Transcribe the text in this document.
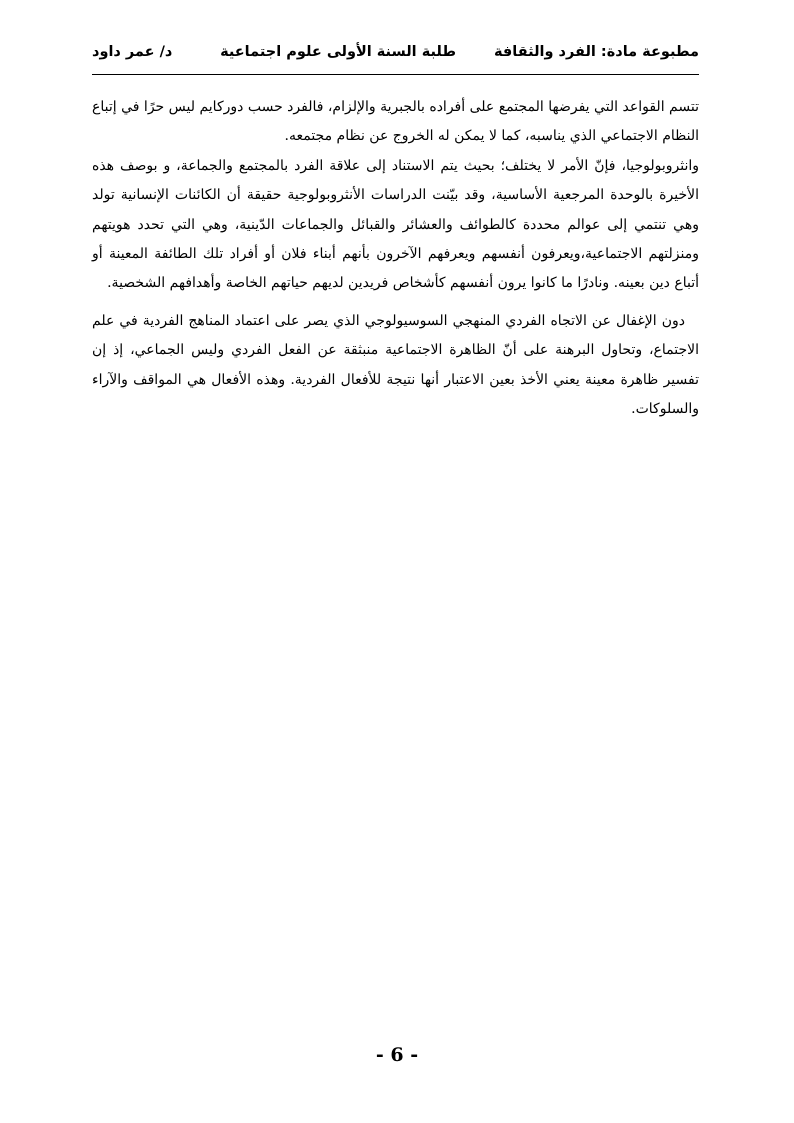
مطبوعة مادة: الفرد والثقافة
طلبة السنة الأولى علوم اجتماعية
د/ عمر داود

تتسم القواعد التي يفرضها المجتمع على أفراده بالجبرية والإلزام، فالفرد حسب دوركايم ليس حرًا في إتباع النظام الاجتماعي الذي يناسبه، كما لا يمكن له الخروج عن نظام مجتمعه.

وانثروبولوجيا، فإنّ الأمر لا يختلف؛ بحيث يتم الاستناد إلى علاقة الفرد بالمجتمع والجماعة، و بوصف هذه الأخيرة بالوحدة المرجعية الأساسية، وقد بيّنت الدراسات الأنثروبولوجية حقيقة أن الكائنات الإنسانية تولد وهي تنتمي إلى عوالم محددة كالطوائف والعشائر والقبائل والجماعات الدّينية، وهي التي تحدد هويتهم ومنزلتهم الاجتماعية،ويعرفون أنفسهم ويعرفهم الآخرون بأنهم أبناء فلان أو أفراد تلك الطائفة المعينة أو أتباع دين بعينه. ونادرًا ما كانوا يرون أنفسهم كأشخاص فريدين لديهم حياتهم الخاصة وأهدافهم الشخصية.

دون الإغفال عن الاتجاه الفردي المنهجي السوسيولوجي الذي يصر على اعتماد المناهج الفردية في علم الاجتماع، وتحاول البرهنة على أنّ الظاهرة الاجتماعية منبثقة عن الفعل الفردي وليس الجماعي، إذ إن تفسير ظاهرة معينة يعني الأخذ بعين الاعتبار أنها نتيجة للأفعال الفردية. وهذه الأفعال هي المواقف والآراء والسلوكات.

- 6 -
